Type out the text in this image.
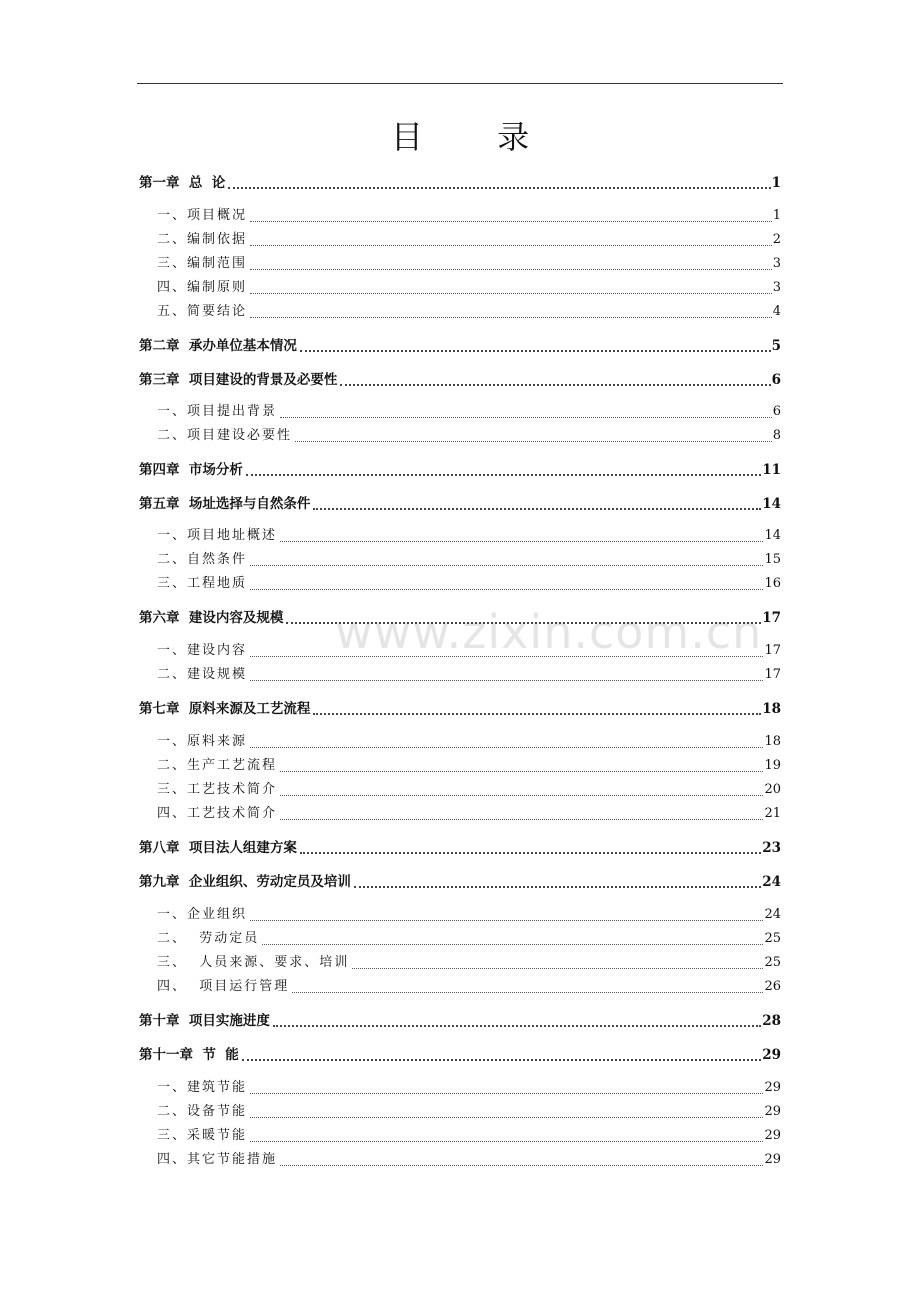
目 录
www.zixin.com.cn
第一章  总  论	1
一、项目概况	1
二、编制依据	2
三、编制范围	3
四、编制原则	3
五、简要结论	4
第二章  承办单位基本情况	5
第三章  项目建设的背景及必要性	6
一、项目提出背景	6
二、项目建设必要性	8
第四章  市场分析	11
第五章  场址选择与自然条件	14
一、项目地址概述	14
二、自然条件	15
三、工程地质	16
第六章  建设内容及规模	17
一、建设内容	17
二、建设规模	17
第七章  原料来源及工艺流程	18
一、原料来源	18
二、生产工艺流程	19
三、工艺技术简介	20
四、工艺技术简介	21
第八章  项目法人组建方案	23
第九章  企业组织、劳动定员及培训	24
一、企业组织	24
二、  劳动定员	25
三、  人员来源、要求、培训	25
四、  项目运行管理	26
第十章  项目实施进度	28
第十一章  节  能	29
一、建筑节能	29
二、设备节能	29
三、采暖节能	29
四、其它节能措施	29
